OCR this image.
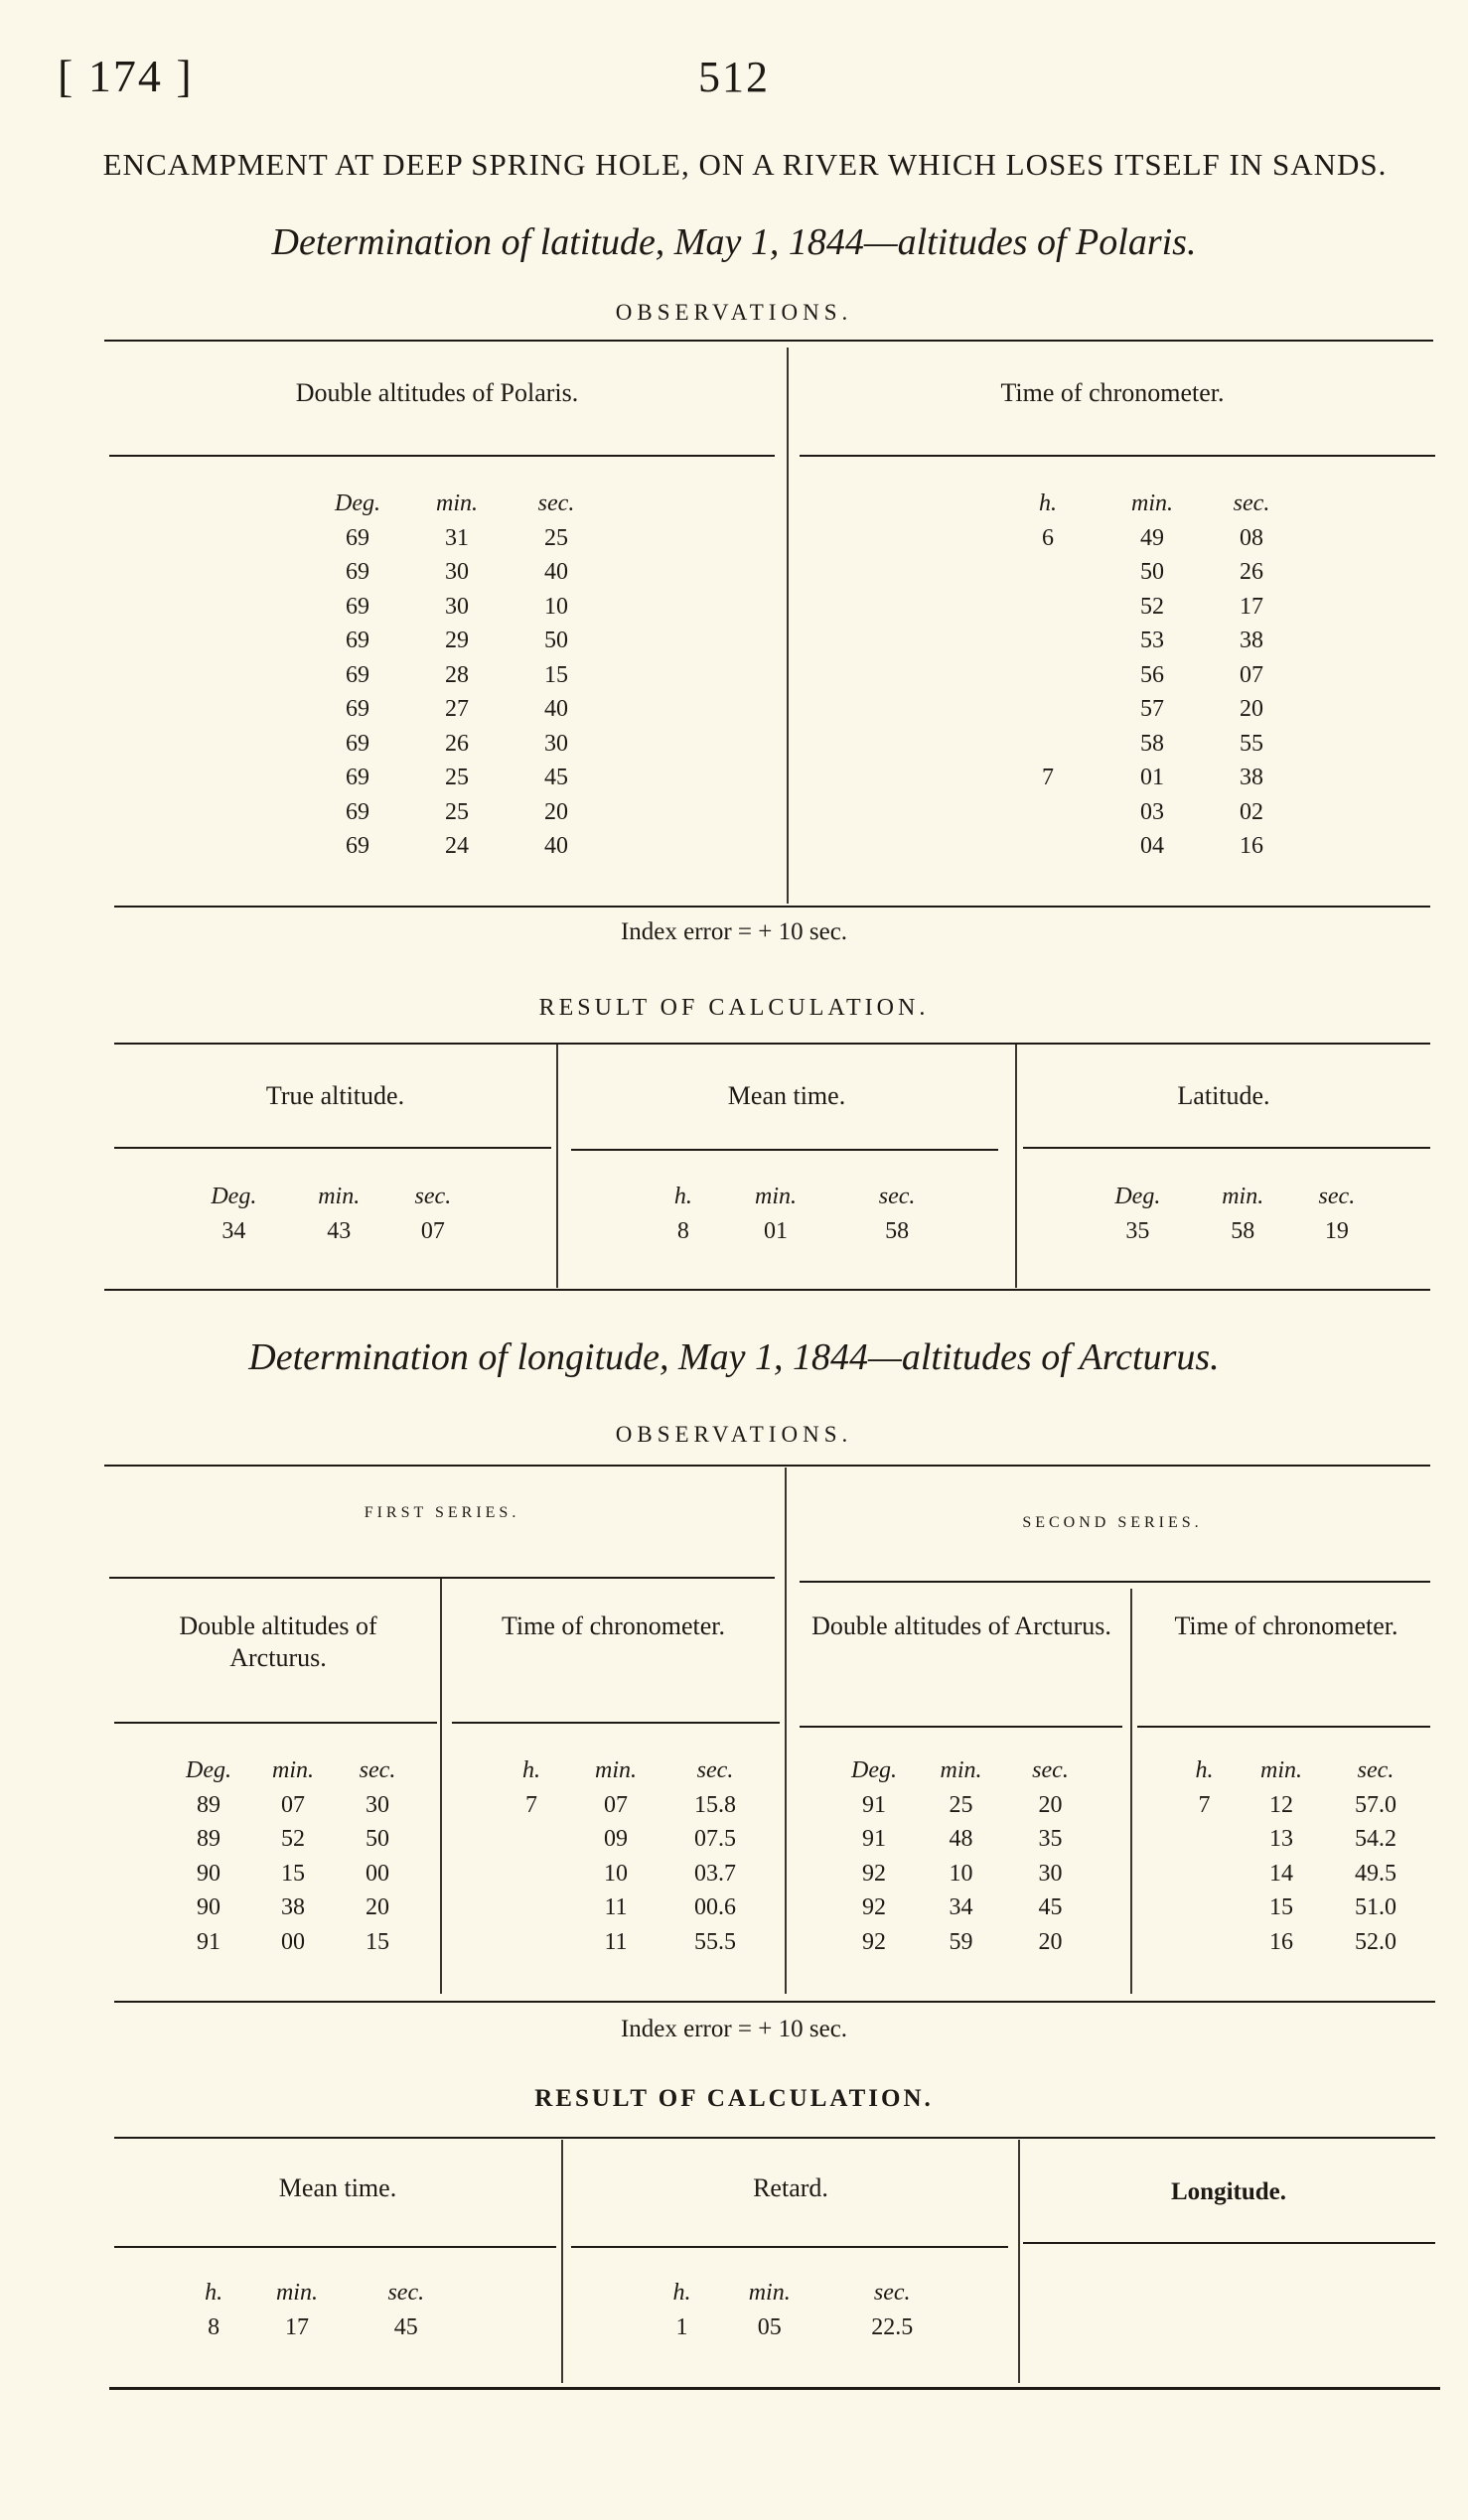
[ 174 ]	512
ENCAMPMENT AT DEEP SPRING HOLE, ON A RIVER WHICH LOSES ITSELF IN SANDS.
Determination of latitude, May 1, 1844—altitudes of Polaris.
OBSERVATIONS.
Double altitudes of Polaris.	Time of chronometer.
Deg.	min.	sec.
69	31	25
69	30	40
69	30	10
69	29	50
69	28	15
69	27	40
69	26	30
69	25	45
69	25	20
69	24	40
h.	min.	sec.
6	49	08
	50	26
	52	17
	53	38
	56	07
	57	20
	58	55
7	01	38
	03	02
	04	16
Index error = + 10 sec.
RESULT OF CALCULATION.
True altitude.	Mean time.	Latitude.
Deg.	min.	sec.
34	43	07
h.	min.	sec.
8	01	58
Deg.	min.	sec.
35	58	19
Determination of longitude, May 1, 1844—altitudes of Arcturus.
OBSERVATIONS.
FIRST SERIES.
SECOND SERIES.
Double altitudes of Arcturus.
Time of chronometer.	Double altitudes of Arcturus.	Time of chronometer.
Deg.	min.	sec.
89	07	30
89	52	50
90	15	00
90	38	20
91	00	15
h.	min.	sec.
7	07	15.8
	09	07.5
	10	03.7
	11	00.6
	11	55.5
Deg.	min.	sec.
91	25	20
91	48	35
92	10	30
92	34	45
92	59	20
h.	min.	sec.
7	12	57.0
	13	54.2
	14	49.5
	15	51.0
	16	52.0
Index error = + 10 sec.
RESULT OF CALCULATION.
Mean time.	Retard.	Longitude.
h.	min.	sec.
8	17	45
h.	min.	sec.
1	05	22.5
